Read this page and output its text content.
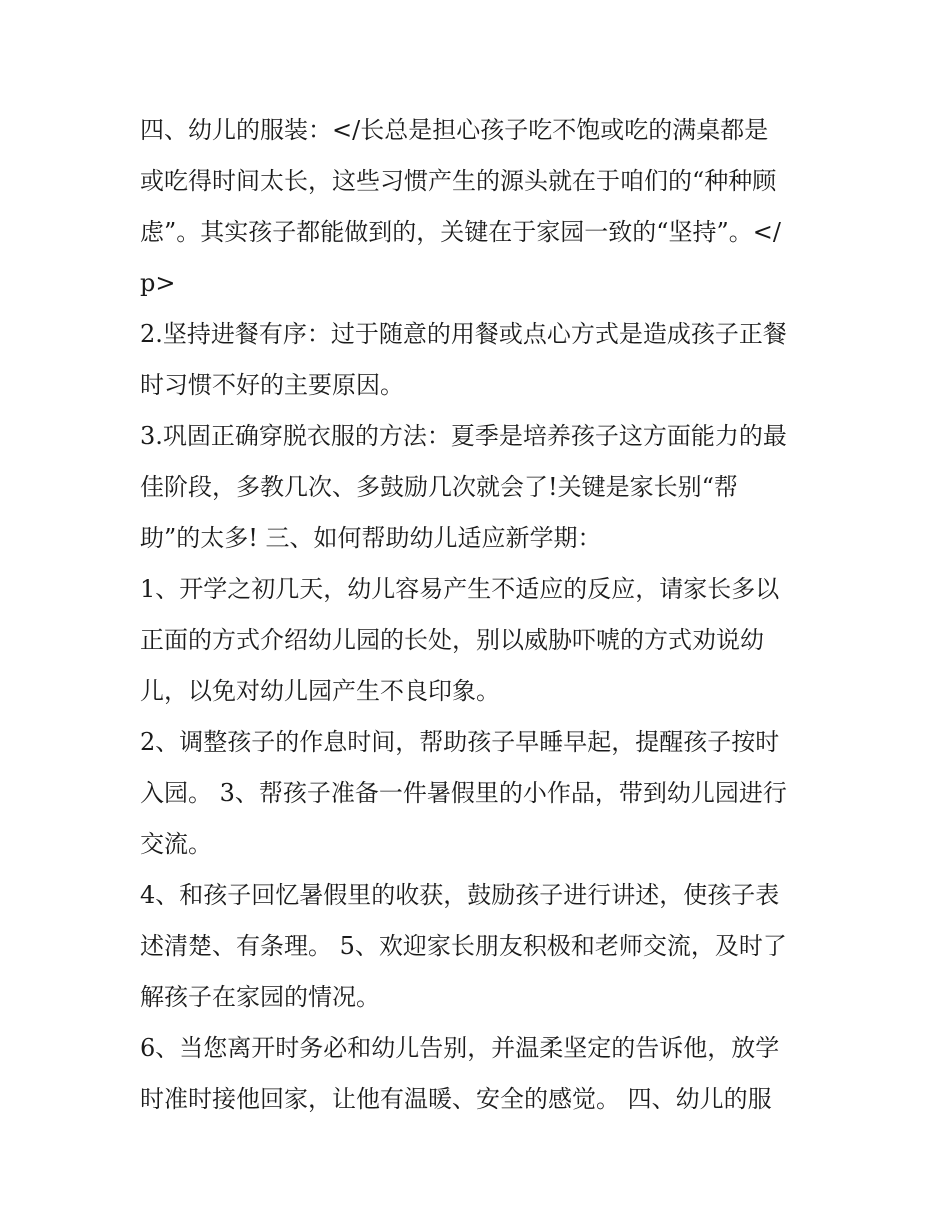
四、幼儿的服装：</长总是担心孩子吃不饱或吃的满桌都是
或吃得时间太长，这些习惯产生的源头就在于咱们的“种种顾
虑”。其实孩子都能做到的，关键在于家园一致的“坚持”。</
p>
2.坚持进餐有序：过于随意的用餐或点心方式是造成孩子正餐
时习惯不好的主要原因。
3.巩固正确穿脱衣服的方法：夏季是培养孩子这方面能力的最
佳阶段，多教几次、多鼓励几次就会了!关键是家长别“帮
助”的太多! 三、如何帮助幼儿适应新学期：
1、开学之初几天，幼儿容易产生不适应的反应，请家长多以
正面的方式介绍幼儿园的长处，别以威胁吓唬的方式劝说幼
儿，以免对幼儿园产生不良印象。
2、调整孩子的作息时间，帮助孩子早睡早起，提醒孩子按时
入园。 3、帮孩子准备一件暑假里的小作品，带到幼儿园进行
交流。
4、和孩子回忆暑假里的收获，鼓励孩子进行讲述，使孩子表
述清楚、有条理。 5、欢迎家长朋友积极和老师交流，及时了
解孩子在家园的情况。
6、当您离开时务必和幼儿告别，并温柔坚定的告诉他，放学
时准时接他回家，让他有温暖、安全的感觉。 四、幼儿的服
